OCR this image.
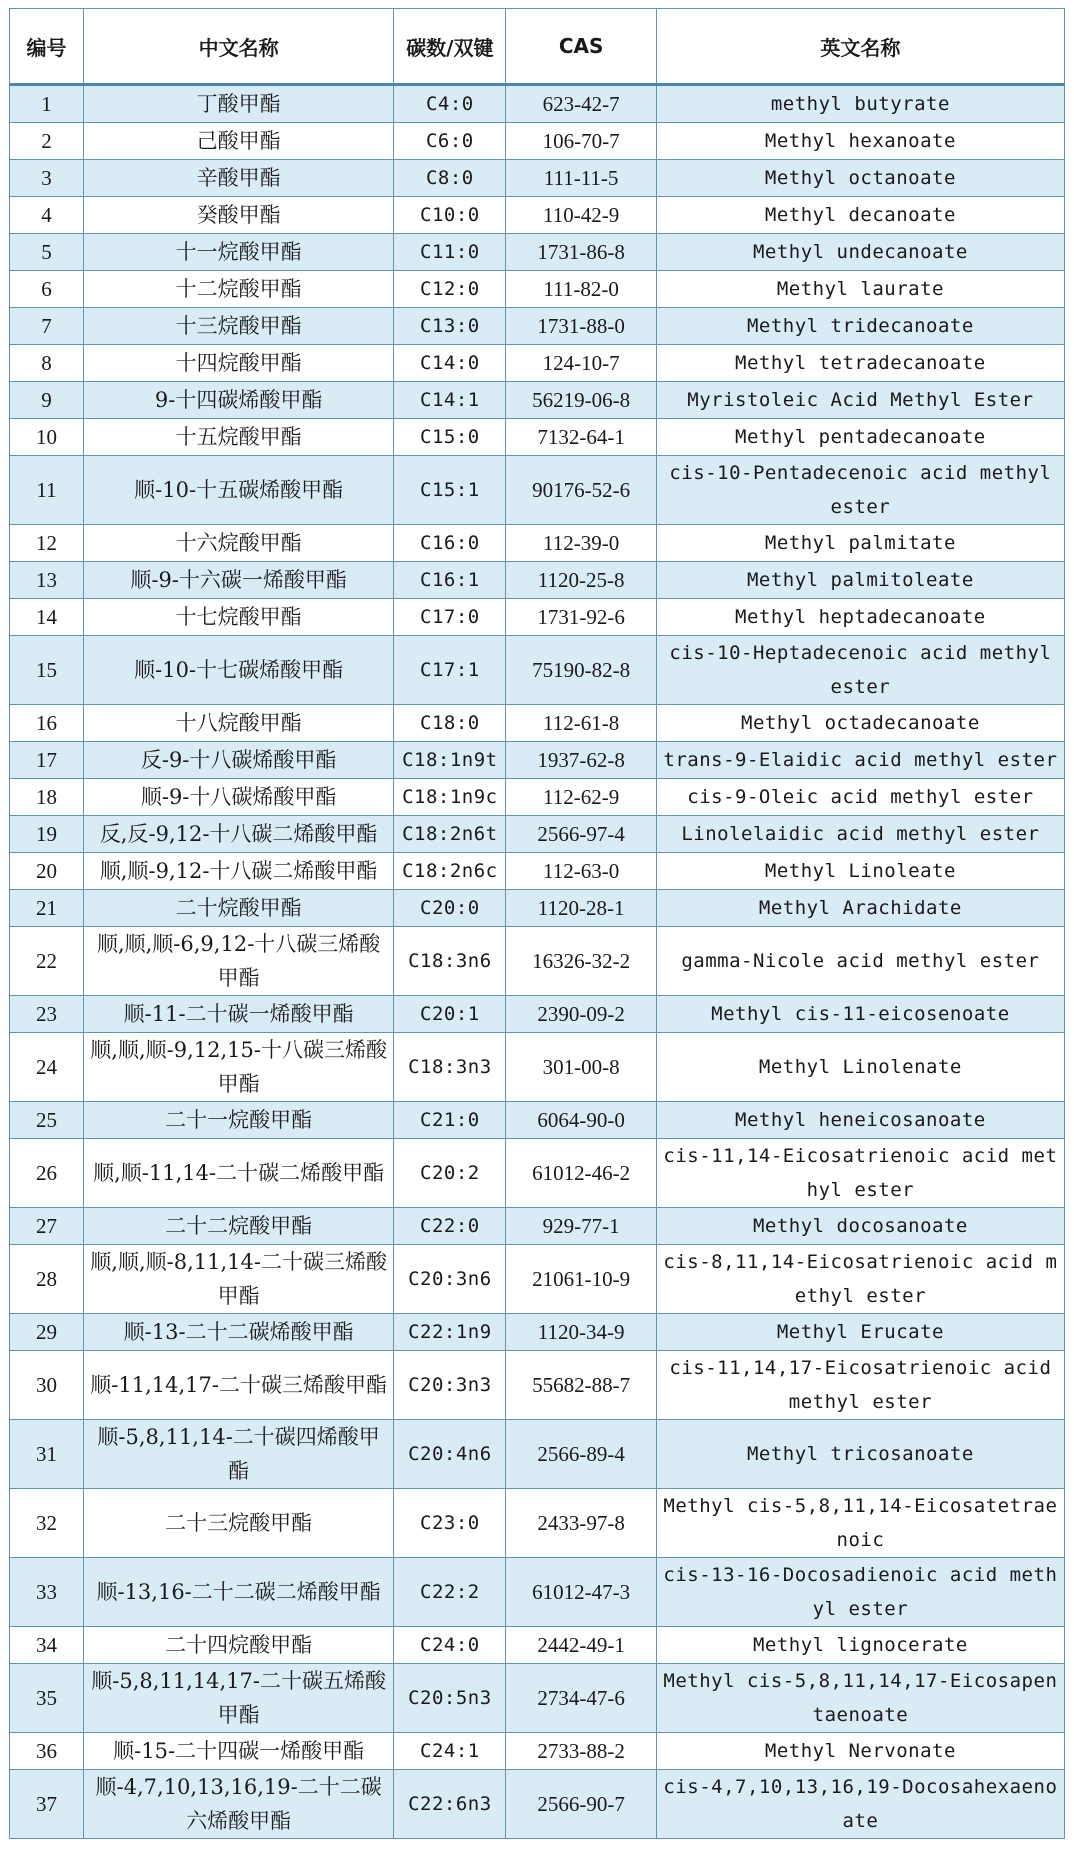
编号	中文名称	碳数/双键	CAS	英文名称
1	丁酸甲酯	C4:0	623-42-7	methyl butyrate
2	己酸甲酯	C6:0	106-70-7	Methyl hexanoate
3	辛酸甲酯	C8:0	111-11-5	Methyl octanoate
4	癸酸甲酯	C10:0	110-42-9	Methyl decanoate
5	十一烷酸甲酯	C11:0	1731-86-8	Methyl undecanoate
6	十二烷酸甲酯	C12:0	111-82-0	Methyl laurate
7	十三烷酸甲酯	C13:0	1731-88-0	Methyl tridecanoate
8	十四烷酸甲酯	C14:0	124-10-7	Methyl tetradecanoate
9	9-十四碳烯酸甲酯	C14:1	56219-06-8	Myristoleic Acid Methyl Ester
10	十五烷酸甲酯	C15:0	7132-64-1	Methyl pentadecanoate
11	顺-10-十五碳烯酸甲酯	C15:1	90176-52-6	cis-10-Pentadecenoic acid methyl ester
12	十六烷酸甲酯	C16:0	112-39-0	Methyl palmitate
13	顺-9-十六碳一烯酸甲酯	C16:1	1120-25-8	Methyl palmitoleate
14	十七烷酸甲酯	C17:0	1731-92-6	Methyl heptadecanoate
15	顺-10-十七碳烯酸甲酯	C17:1	75190-82-8	cis-10-Heptadecenoic acid methyl ester
16	十八烷酸甲酯	C18:0	112-61-8	Methyl octadecanoate
17	反-9-十八碳烯酸甲酯	C18:1n9t	1937-62-8	trans-9-Elaidic acid methyl ester
18	顺-9-十八碳烯酸甲酯	C18:1n9c	112-62-9	cis-9-Oleic acid methyl ester
19	反,反-9,12-十八碳二烯酸甲酯	C18:2n6t	2566-97-4	Linolelaidic acid methyl ester
20	顺,顺-9,12-十八碳二烯酸甲酯	C18:2n6c	112-63-0	Methyl Linoleate
21	二十烷酸甲酯	C20:0	1120-28-1	Methyl Arachidate
22	顺,顺,顺-6,9,12-十八碳三烯酸甲酯	C18:3n6	16326-32-2	gamma-Nicole acid methyl ester
23	顺-11-二十碳一烯酸甲酯	C20:1	2390-09-2	Methyl cis-11-eicosenoate
24	顺,顺,顺-9,12,15-十八碳三烯酸甲酯	C18:3n3	301-00-8	Methyl Linolenate
25	二十一烷酸甲酯	C21:0	6064-90-0	Methyl heneicosanoate
26	顺,顺-11,14-二十碳二烯酸甲酯	C20:2	61012-46-2	cis-11,14-Eicosatrienoic acid methyl ester
27	二十二烷酸甲酯	C22:0	929-77-1	Methyl docosanoate
28	顺,顺,顺-8,11,14-二十碳三烯酸甲酯	C20:3n6	21061-10-9	cis-8,11,14-Eicosatrienoic acid methyl ester
29	顺-13-二十二碳烯酸甲酯	C22:1n9	1120-34-9	Methyl Erucate
30	顺-11,14,17-二十碳三烯酸甲酯	C20:3n3	55682-88-7	cis-11,14,17-Eicosatrienoic acid methyl ester
31	顺-5,8,11,14-二十碳四烯酸甲酯	C20:4n6	2566-89-4	Methyl tricosanoate
32	二十三烷酸甲酯	C23:0	2433-97-8	Methyl cis-5,8,11,14-Eicosatetraenoic
33	顺-13,16-二十二碳二烯酸甲酯	C22:2	61012-47-3	cis-13-16-Docosadienoic acid methyl ester
34	二十四烷酸甲酯	C24:0	2442-49-1	Methyl lignocerate
35	顺-5,8,11,14,17-二十碳五烯酸甲酯	C20:5n3	2734-47-6	Methyl cis-5,8,11,14,17-Eicosapentaenoate
36	顺-15-二十四碳一烯酸甲酯	C24:1	2733-88-2	Methyl Nervonate
37	顺-4,7,10,13,16,19-二十二碳六烯酸甲酯	C22:6n3	2566-90-7	cis-4,7,10,13,16,19-Docosahexaenoate
